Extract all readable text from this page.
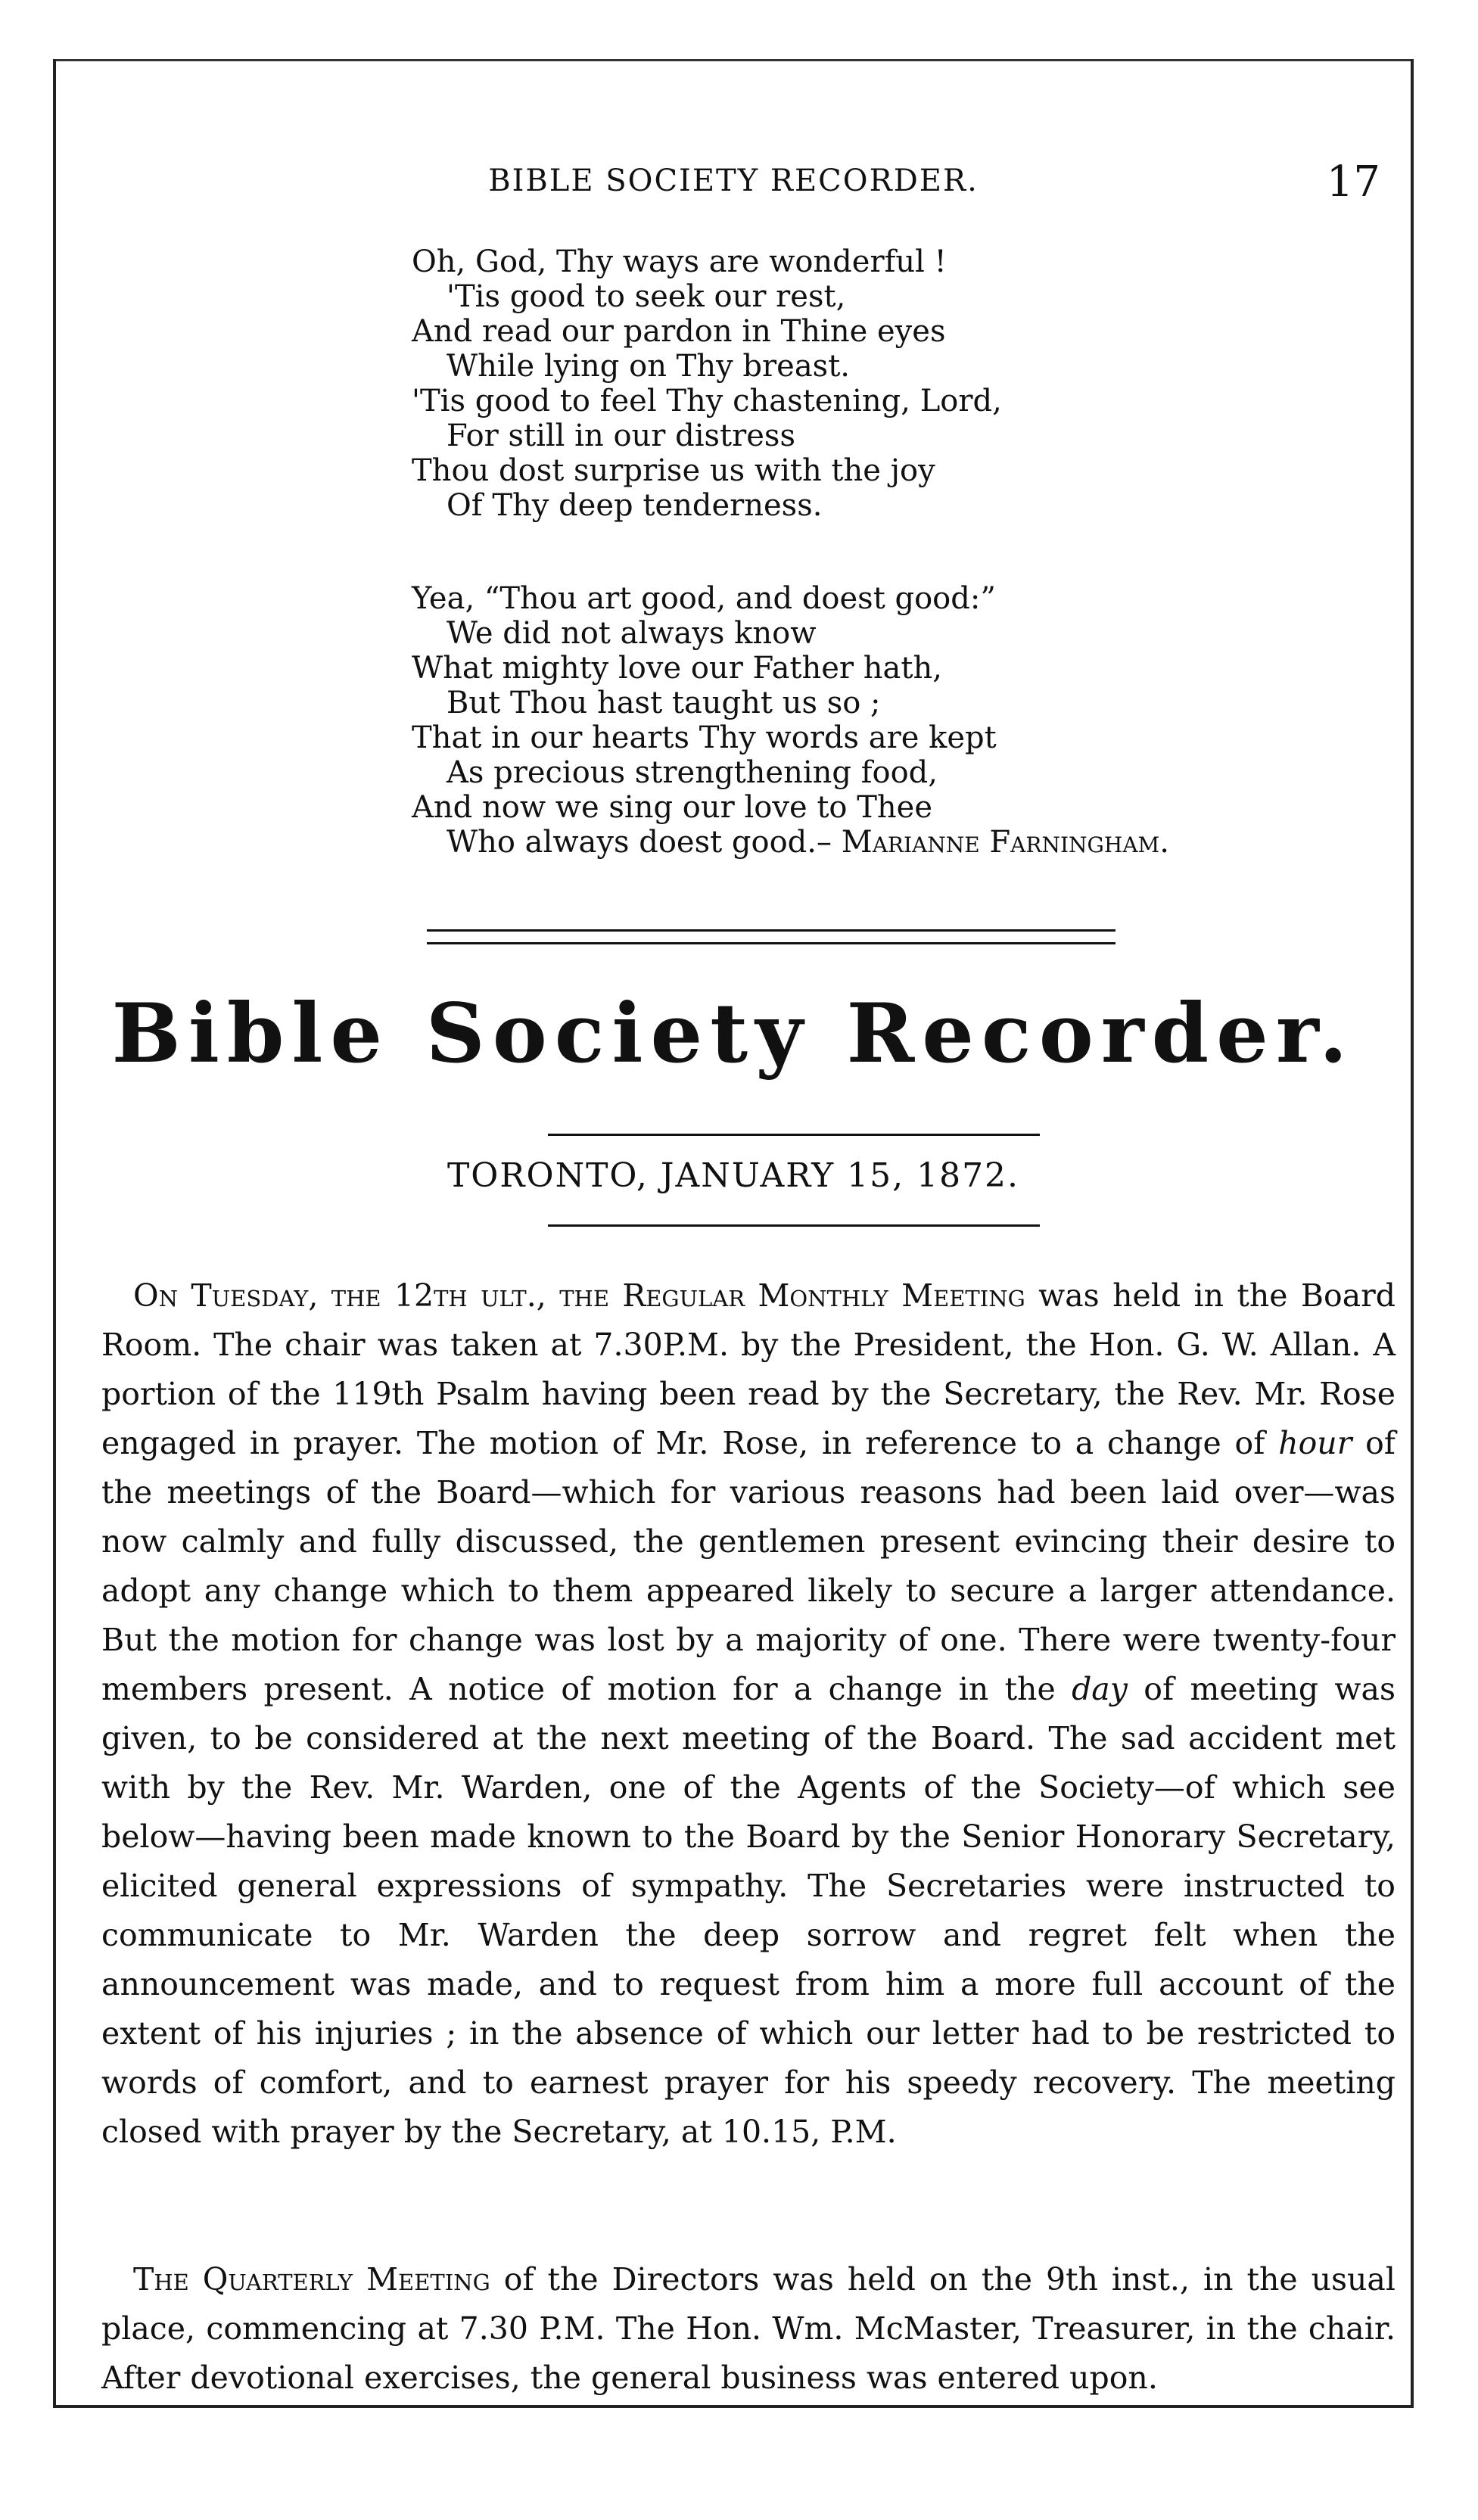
BIBLE SOCIETY RECORDER.	17
Oh, God, Thy ways are wonderful !
'Tis good to seek our rest,
And read our pardon in Thine eyes
While lying on Thy breast.
'Tis good to feel Thy chastening, Lord,
For still in our distress
Thou dost surprise us with the joy
Of Thy deep tenderness.
Yea, “Thou art good, and doest good:”
We did not always know
What mighty love our Father hath,
But Thou hast taught us so ;
That in our hearts Thy words are kept
As precious strengthening food,
And now we sing our love to Thee
Who always doest good.– Marianne Farningham.
Bible Society Recorder.
TORONTO, JANUARY 15, 1872.
On Tuesday, the 12th ult., the Regular Monthly Meeting was held in the Board Room. The chair was taken at 7.30P.M. by the President, the Hon. G. W. Allan. A portion of the 119th Psalm having been read by the Secretary, the Rev. Mr. Rose engaged in prayer. The motion of Mr. Rose, in reference to a change of hour of the meetings of the Board—which for various reasons had been laid over—was now calmly and fully discussed, the gentlemen present evincing their desire to adopt any change which to them appeared likely to secure a larger attendance. But the motion for change was lost by a majority of one. There were twenty-four members present. A notice of motion for a change in the day of meeting was given, to be considered at the next meeting of the Board. The sad accident met with by the Rev. Mr. Warden, one of the Agents of the Society—of which see below—having been made known to the Board by the Senior Honorary Secretary, elicited general expressions of sympathy. The Secretaries were instructed to communicate to Mr. Warden the deep sorrow and regret felt when the announcement was made, and to request from him a more full account of the extent of his injuries ; in the absence of which our letter had to be restricted to words of comfort, and to earnest prayer for his speedy recovery. The meeting closed with prayer by the Secretary, at 10.15, P.M.
The Quarterly Meeting of the Directors was held on the 9th inst., in the usual place, commencing at 7.30 P.M. The Hon. Wm. McMaster, Treasurer, in the chair. After devotional exercises, the general business was entered upon.
